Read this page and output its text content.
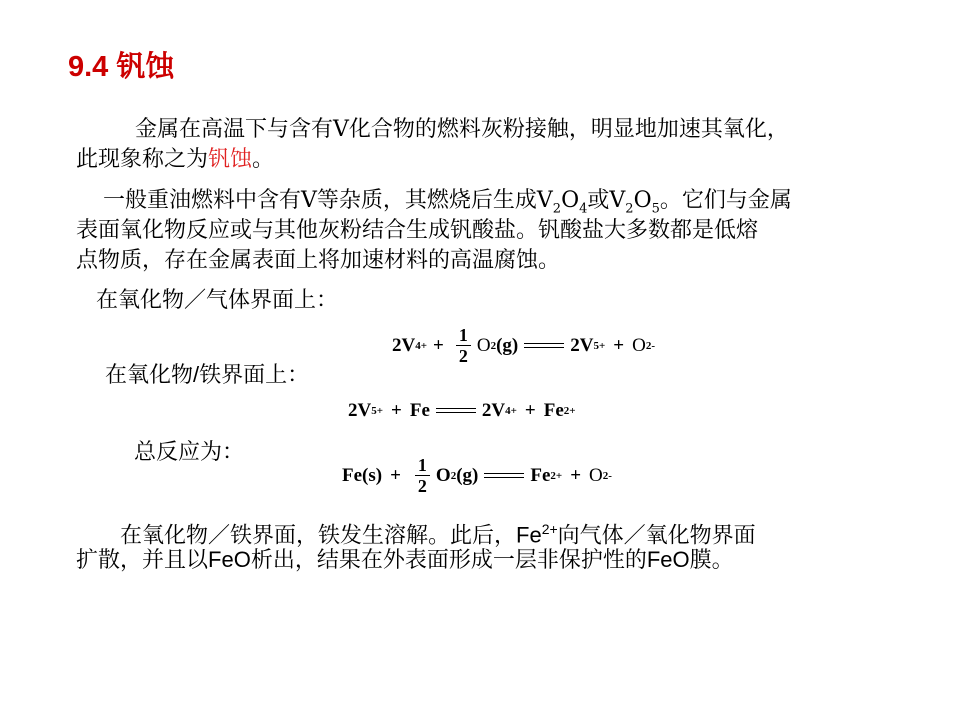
9.4 钒蚀
金属在高温下与含有V化合物的燃料灰粉接触，明显地加速其氧化，
此现象称之为钒蚀。
一般重油燃料中含有V等杂质，其燃烧后生成$V_2O_4$或$V_2O_5$。它们与金属
表面氧化物反应或与其他灰粉结合生成钒酸盐。钒酸盐大多数都是低熔
点物质，存在金属表面上将加速材料的高温腐蚀。
在氧化物／气体界面上：
2V $4+ + \frac{1}{2}$ O 2 (g)	2V 5+ + O 2-
在氧化物/铁界面上：
2V 5+ + Fe	2V 4+ + Fe 2+
总反应为：
$Fe(s) + \frac{1}{2}$ O 2 (g)	Fe 2+ + O 2-
在氧化物／铁界面，铁发生溶解。此后，$Fe^{2+}$向气体／氧化物界面
扩散，并且以FeO析出，结果在外表面形成一层非保护性的FeO膜。
